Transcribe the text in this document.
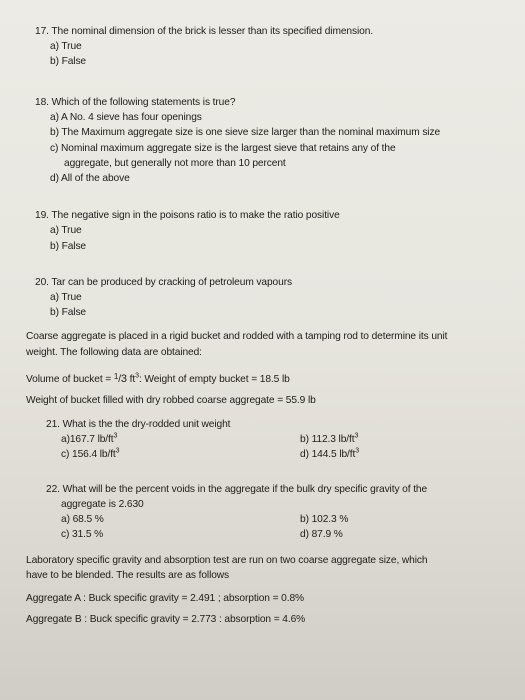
17. The nominal dimension of the brick is lesser than its specified dimension.
a) True
b) False
18. Which of the following statements is true?
a) A No. 4 sieve has four openings
b) The Maximum aggregate size is one sieve size larger than the nominal maximum size
c) Nominal maximum aggregate size is the largest sieve that retains any of the
aggregate, but generally not more than 10 percent
d) All of the above
19. The negative sign in the poisons ratio is to make the ratio positive
a) True
b) False
20. Tar can be produced by cracking of petroleum vapours
a) True
b) False
Coarse aggregate is placed in a rigid bucket and rodded with a tamping rod to determine its unit
weight. The following data are obtained:
Volume of bucket = $^1$/3 $ft^3$: Weight of empty bucket = 18.5 lb
Weight of bucket filled with dry robbed coarse aggregate = 55.9 lb
21. What is the the dry-rodded unit weight
a)167.7 $lb/ft^3$	b) 112.3 $lb/ft^3$
c) 156.4 $lb/ft^3$	d) 144.5 $lb/ft^3$
22. What will be the percent voids in the aggregate if the bulk dry specific gravity of the
aggregate is 2.630
a) 68.5 %	b) 102.3 %
c) 31.5 %	d) 87.9 %
Laboratory specific gravity and absorption test are run on two coarse aggregate size, which
have to be blended. The results are as follows
Aggregate A : Buck specific gravity = 2.491 ; absorption = 0.8%
Aggregate B : Buck specific gravity = 2.773 : absorption = 4.6%
